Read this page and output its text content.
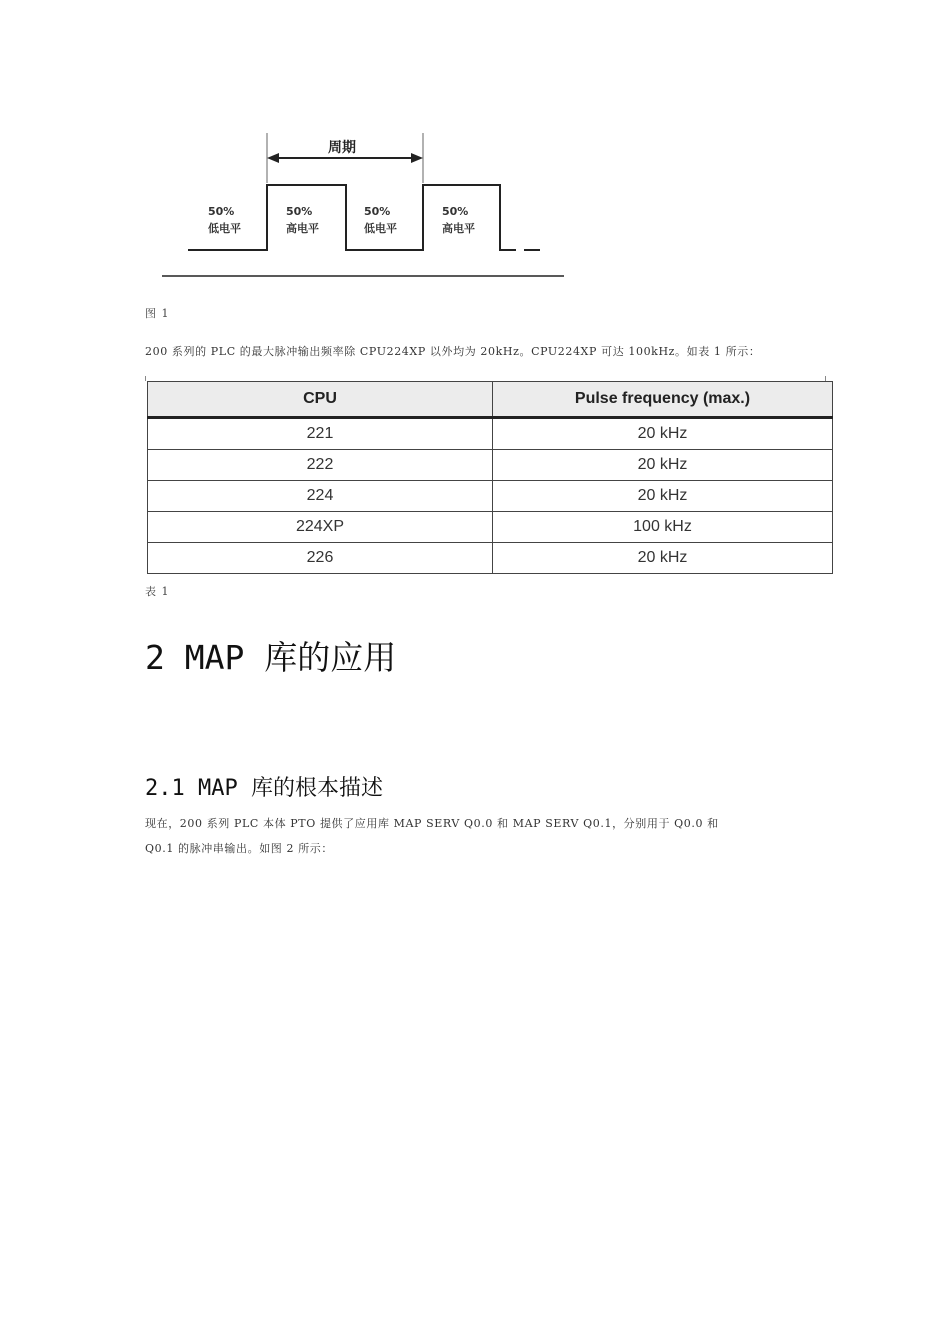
周期
50%
低电平
50%
高电平
50%
低电平
50%
高电平
图 1
200 系列的 PLC 的最大脉冲输出频率除 CPU224XP 以外均为 20kHz。CPU224XP 可达 100kHz。如表 1 所示：
CPU	Pulse frequency (max.)
221	20 kHz
222	20 kHz
224	20 kHz
224XP	100 kHz
226	20 kHz
表 1
2 MAP 库的应用
2.1 MAP 库的根本描述
现在，200 系列 PLC 本体 PTO 提供了应用库 MAP SERV Q0.0 和 MAP SERV Q0.1，分别用于 Q0.0 和
Q0.1 的脉冲串输出。如图 2 所示：
